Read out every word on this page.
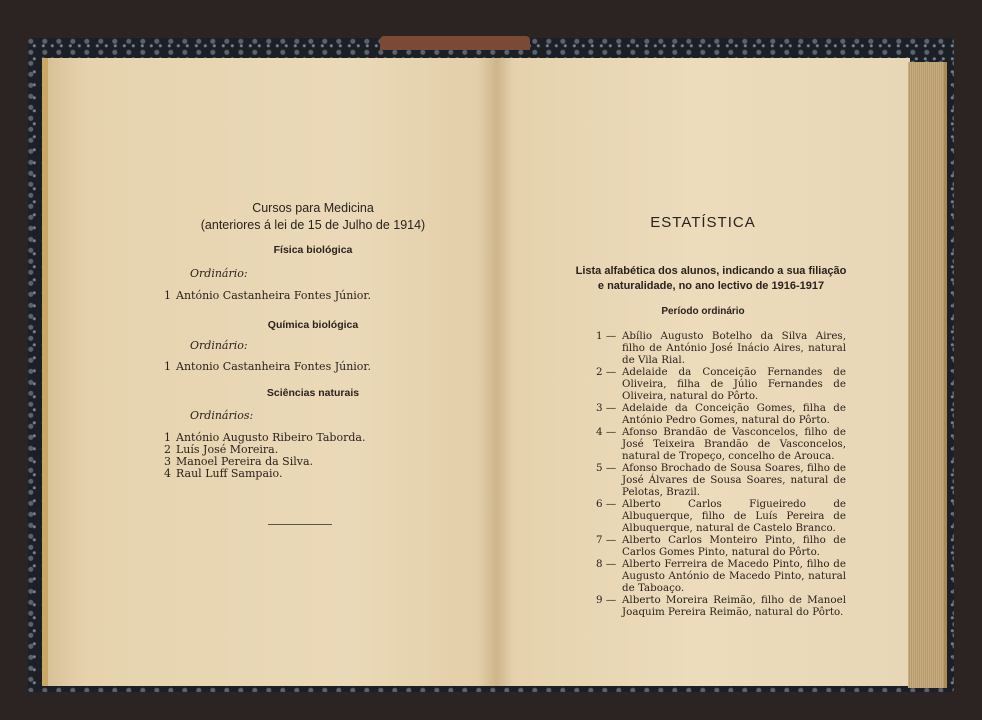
Cursos para Medicina
(anteriores á lei de 15 de Julho de 1914)
Física biológica
Ordinário:
1 António Castanheira Fontes Júnior.
Química biológica
Ordinário:
1 Antonio Castanheira Fontes Júnior.
Sciências naturais
Ordinários:
1 António Augusto Ribeiro Taborda.
2 Luís José Moreira.
3 Manoel Pereira da Silva.
4 Raul Luff Sampaio.
ESTATÍSTICA
Lista alfabética dos alunos, indicando a sua filiação
e naturalidade, no ano lectivo de 1916-1917
Período ordinário
1 — Abílio Augusto Botelho da Silva Aires, filho de António José Inácio Aires, natural de Vila Rial.
2 — Adelaide da Conceição Fernandes de Oliveira, filha de Júlio Fernandes de Oliveira, natural do Pôrto.
3 — Adelaide da Conceição Gomes, filha de António Pedro Gomes, natural do Pôrto.
4 — Afonso Brandão de Vasconcelos, filho de José Teixeira Brandão de Vasconcelos, natural de Tropeço, concelho de Arouca.
5 — Afonso Brochado de Sousa Soares, filho de José Álvares de Sousa Soares, natural de Pelotas, Brazil.
6 — Alberto Carlos Figueiredo de Albuquerque, filho de Luís Pereira de Albuquerque, natural de Castelo Branco.
7 — Alberto Carlos Monteiro Pinto, filho de Carlos Gomes Pinto, natural do Pôrto.
8 — Alberto Ferreira de Macedo Pinto, filho de Augusto António de Macedo Pinto, natural de Taboaço.
9 — Alberto Moreira Reimão, filho de Manoel Joaquim Pereira Reimão, natural do Pôrto.
